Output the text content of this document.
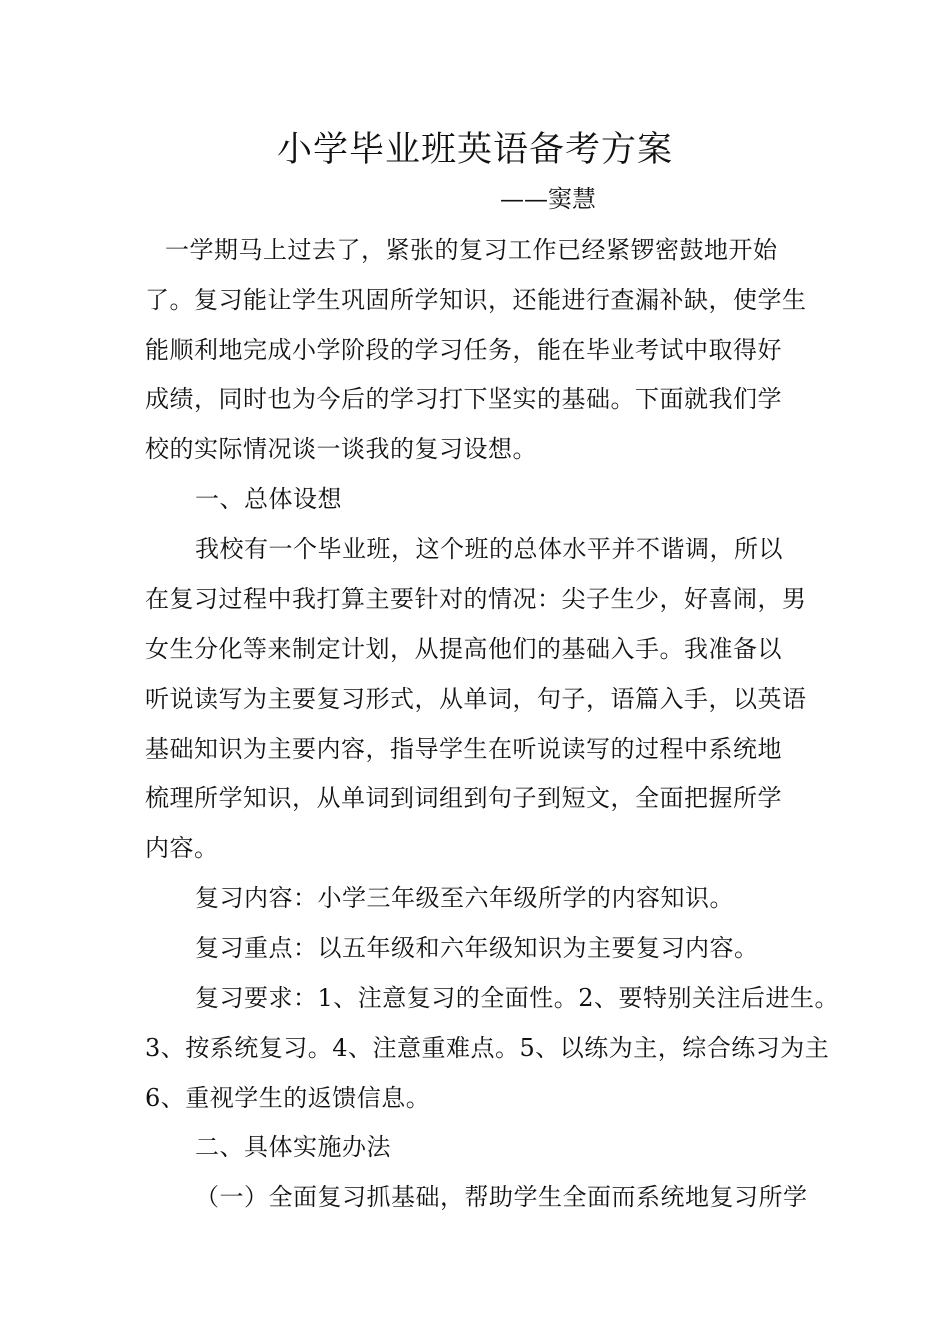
小学毕业班英语备考方案
——窦慧
一学期马上过去了，紧张的复习工作已经紧锣密鼓地开始
了。复习能让学生巩固所学知识，还能进行查漏补缺，使学生
能顺利地完成小学阶段的学习任务，能在毕业考试中取得好
成绩，同时也为今后的学习打下坚实的基础。下面就我们学
校的实际情况谈一谈我的复习设想。
一、总体设想
我校有一个毕业班，这个班的总体水平并不谐调，所以
在复习过程中我打算主要针对的情况：尖子生少，好喜闹，男
女生分化等来制定计划，从提高他们的基础入手。我准备以
听说读写为主要复习形式，从单词，句子，语篇入手，以英语
基础知识为主要内容，指导学生在听说读写的过程中系统地
梳理所学知识，从单词到词组到句子到短文，全面把握所学
内容。
复习内容：小学三年级至六年级所学的内容知识。
复习重点：以五年级和六年级知识为主要复习内容。
复习要求：1、注意复习的全面性。2、要特别关注后进生。
3、按系统复习。4、注意重难点。5、以练为主，综合练习为主
6、重视学生的返馈信息。
二、具体实施办法
（一）全面复习抓基础，帮助学生全面而系统地复习所学
